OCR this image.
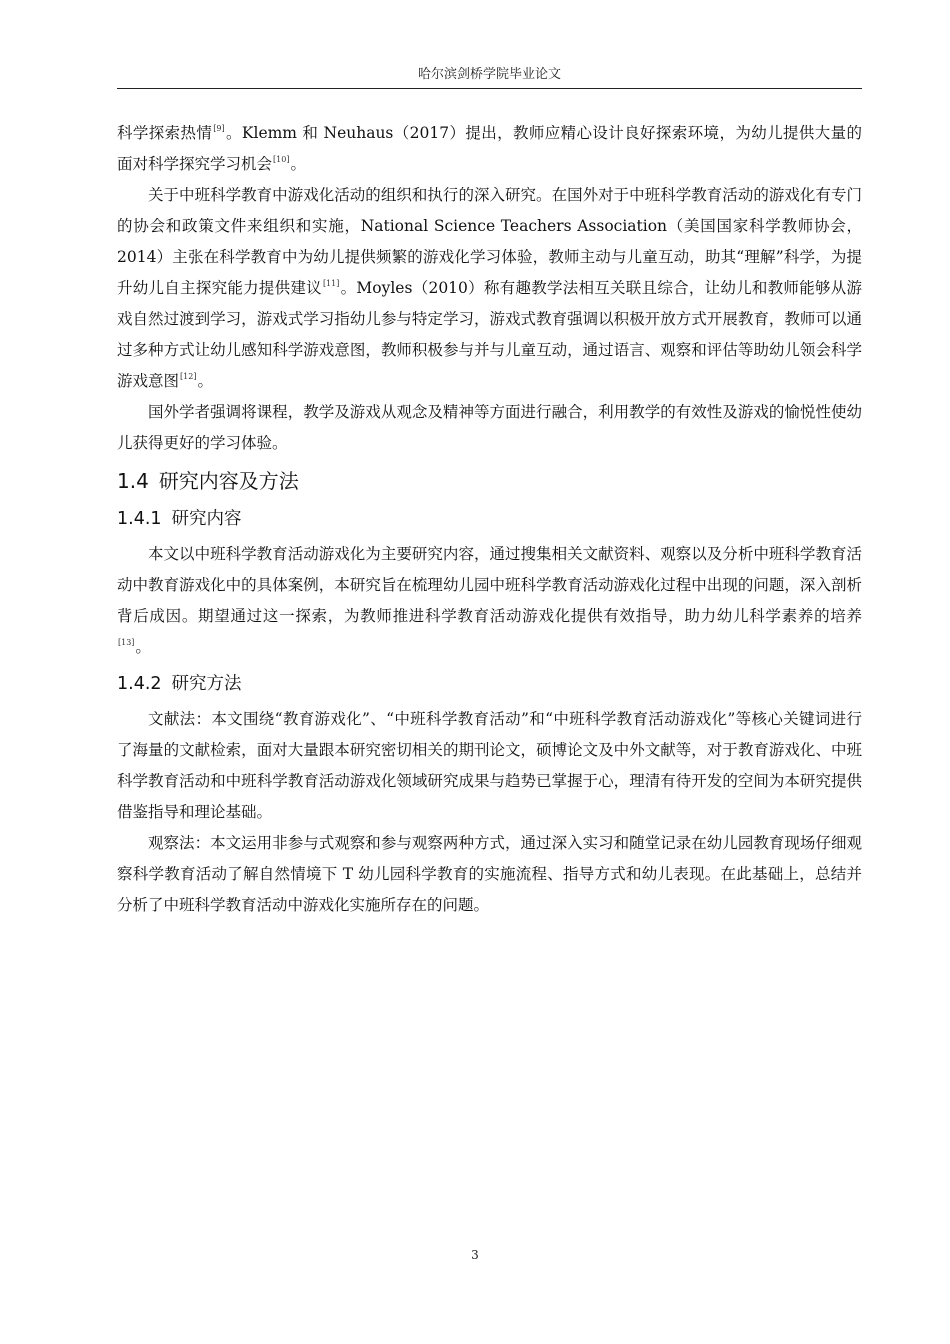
哈尔滨剑桥学院毕业论文

科学探索热情[9]。Klemm 和 Neuhaus（2017）提出，教师应精心设计良好探索环境，为幼儿提供大量的面对科学探究学习机会[10]。

关于中班科学教育中游戏化活动的组织和执行的深入研究。在国外对于中班科学教育活动的游戏化有专门的协会和政策文件来组织和实施，National Science Teachers Association（美国国家科学教师协会，2014）主张在科学教育中为幼儿提供频繁的游戏化学习体验，教师主动与儿童互动，助其“理解”科学，为提升幼儿自主探究能力提供建议[11]。Moyles（2010）称有趣教学法相互关联且综合，让幼儿和教师能够从游戏自然过渡到学习，游戏式学习指幼儿参与特定学习，游戏式教育强调以积极开放方式开展教育，教师可以通过多种方式让幼儿感知科学游戏意图，教师积极参与并与儿童互动，通过语言、观察和评估等助幼儿领会科学游戏意图[12]。

国外学者强调将课程，教学及游戏从观念及精神等方面进行融合，利用教学的有效性及游戏的愉悦性使幼儿获得更好的学习体验。

1.4 研究内容及方法
1.4.1 研究内容

本文以中班科学教育活动游戏化为主要研究内容，通过搜集相关文献资料、观察以及分析中班科学教育活动中教育游戏化中的具体案例，本研究旨在梳理幼儿园中班科学教育活动游戏化过程中出现的问题，深入剖析背后成因。期望通过这一探索，为教师推进科学教育活动游戏化提供有效指导，助力幼儿科学素养的培养[13]。

1.4.2 研究方法

文献法：本文围绕“教育游戏化”、“中班科学教育活动”和“中班科学教育活动游戏化”等核心关键词进行了海量的文献检索，面对大量跟本研究密切相关的期刊论文，硕博论文及中外文献等，对于教育游戏化、中班科学教育活动和中班科学教育活动游戏化领域研究成果与趋势已掌握于心，理清有待开发的空间为本研究提供借鉴指导和理论基础。

观察法：本文运用非参与式观察和参与观察两种方式，通过深入实习和随堂记录在幼儿园教育现场仔细观察科学教育活动了解自然情境下 T 幼儿园科学教育的实施流程、指导方式和幼儿表现。在此基础上，总结并分析了中班科学教育活动中游戏化实施所存在的问题。

3
